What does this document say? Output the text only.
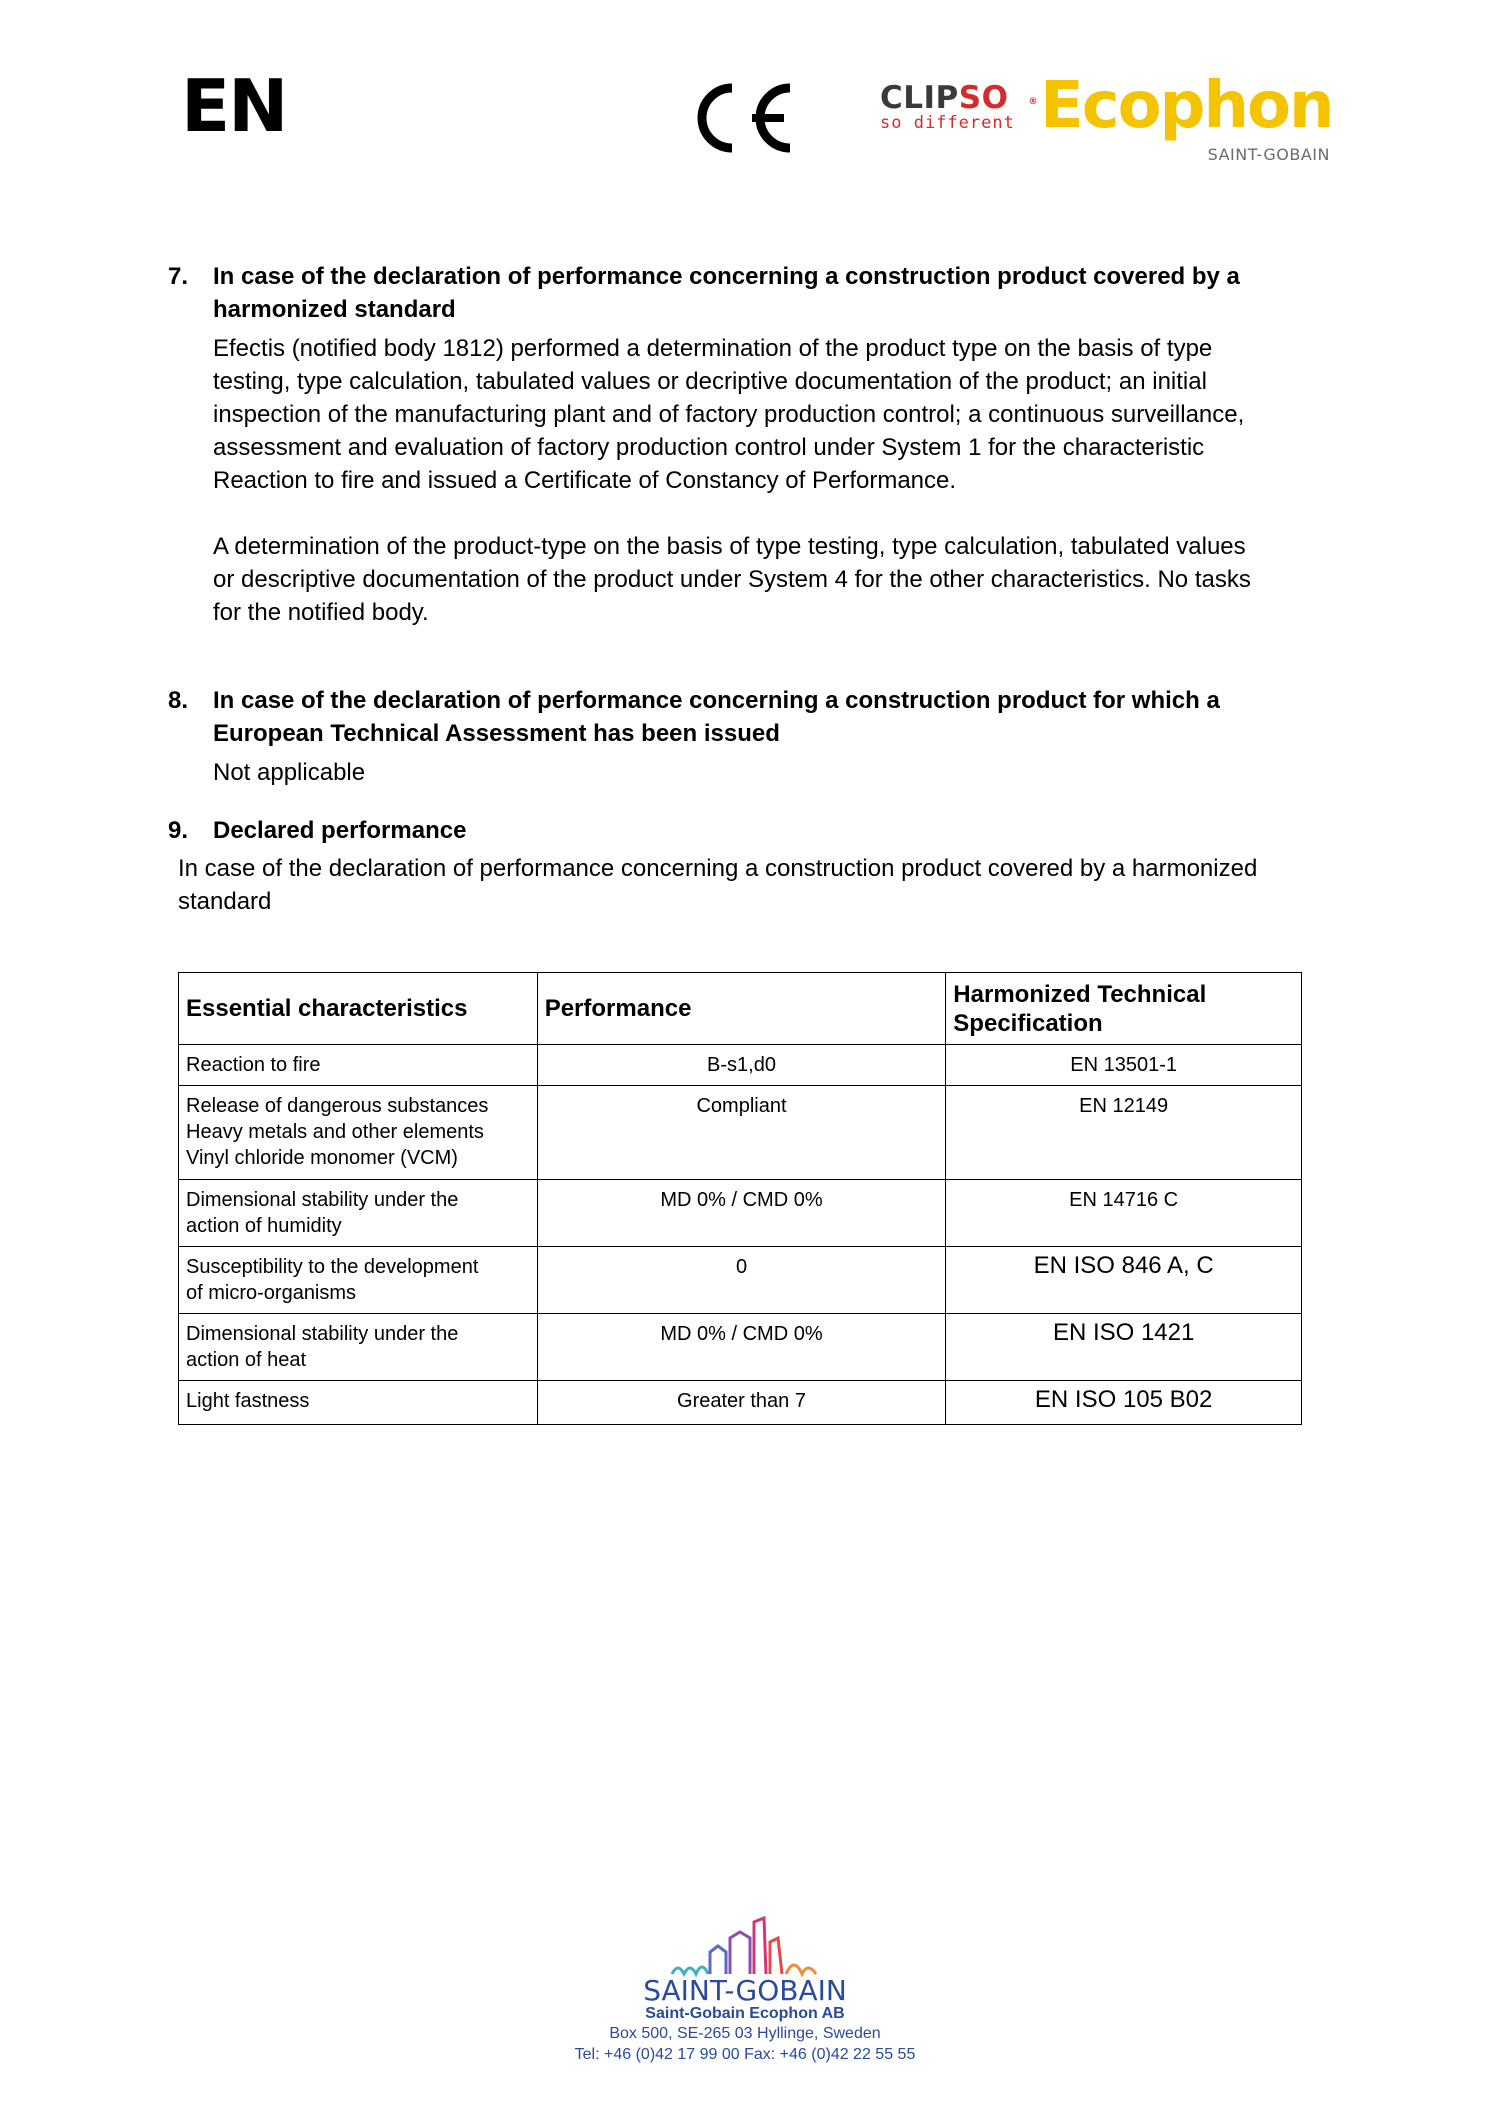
EN	CLIPSO ®
so different Ecophon
SAINT-GOBAIN
7. In case of the declaration of performance concerning a construction product covered by a
harmonized standard
Efectis (notified body 1812) performed a determination of the product type on the basis of type
testing, type calculation, tabulated values or decriptive documentation of the product; an initial
inspection of the manufacturing plant and of factory production control; a continuous surveillance,
assessment and evaluation of factory production control under System 1 for the characteristic
Reaction to fire and issued a Certificate of Constancy of Performance.
A determination of the product-type on the basis of type testing, type calculation, tabulated values
or descriptive documentation of the product under System 4 for the other characteristics. No tasks
for the notified body.
8. In case of the declaration of performance concerning a construction product for which a
European Technical Assessment has been issued
Not applicable
9. Declared performance
In case of the declaration of performance concerning a construction product covered by a harmonized
standard
Essential characteristics	Performance	Harmonized Technical
Specification

Reaction to fire	B-s1,d0	EN 13501-1

Release of dangerous substances
Heavy metals and other elements
Vinyl chloride monomer (VCM)	Compliant	EN 12149

Dimensional stability under the
action of humidity	MD 0% / CMD 0%	EN 14716 C

Susceptibility to the development
of micro-organisms	0	EN ISO 846 A, C

Dimensional stability under the
action of heat	MD 0% / CMD 0%	EN ISO 1421

Light fastness	Greater than 7	EN ISO 105 B02
SAINT-GOBAIN
Saint-Gobain Ecophon AB
Box 500, SE-265 03 Hyllinge, Sweden
Tel: +46 (0)42 17 99 00 Fax: +46 (0)42 22 55 55
